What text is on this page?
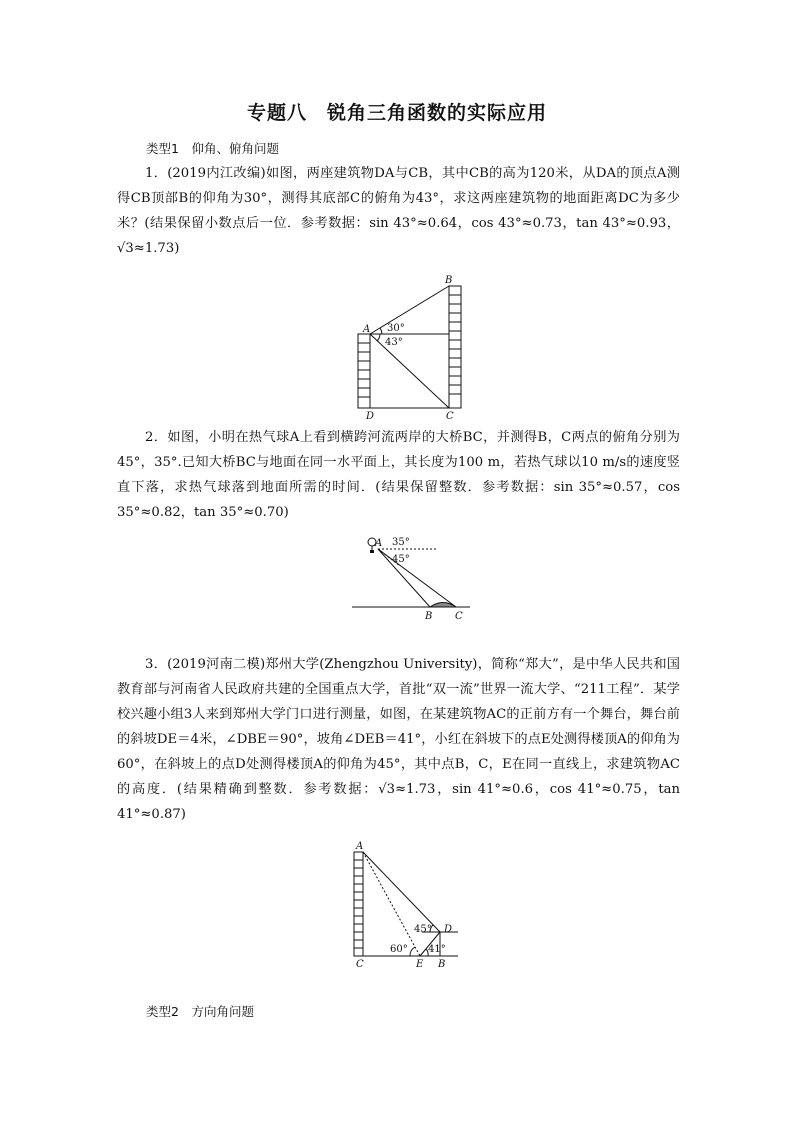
专题八　锐角三角函数的实际应用
类型1　仰角、俯角问题
1．(2019内江改编)如图，两座建筑物DA与CB，其中CB的高为120米，从DA的顶点A测得CB顶部B的仰角为30°，测得其底部C的俯角为43°，求这两座建筑物的地面距离DC为多少米？(结果保留小数点后一位．参考数据：sin 43°≈0.64，cos 43°≈0.73，tan 43°≈0.93，√3≈1.73)
A
B
C
D
30°
43°
2．如图，小明在热气球A上看到横跨河流两岸的大桥BC，并测得B，C两点的俯角分别为45°，35°.已知大桥BC与地面在同一水平面上，其长度为100 m，若热气球以10 m/s的速度竖直下落，求热气球落到地面所需的时间．(结果保留整数．参考数据：sin 35°≈0.57，cos 35°≈0.82，tan 35°≈0.70)
A 35°
45°
B C
3．(2019河南二模)郑州大学(Zhengzhou University)，简称“郑大”，是中华人民共和国教育部与河南省人民政府共建的全国重点大学，首批“双一流”世界一流大学、“211工程”．某学校兴趣小组3人来到郑州大学门口进行测量，如图，在某建筑物AC的正前方有一个舞台，舞台前的斜坡DE＝4米，∠DBE＝90°，坡角∠DEB＝41°，小红在斜坡下的点E处测得楼顶A的仰角为60°，在斜坡上的点D处测得楼顶A的仰角为45°，其中点B，C，E在同一直线上，求建筑物AC的高度．(结果精确到整数．参考数据：√3≈1.73，sin 41°≈0.6，cos 41°≈0.75，tan 41°≈0.87)
A
C
D
E B
45°
60° 41°
类型2　方向角问题
